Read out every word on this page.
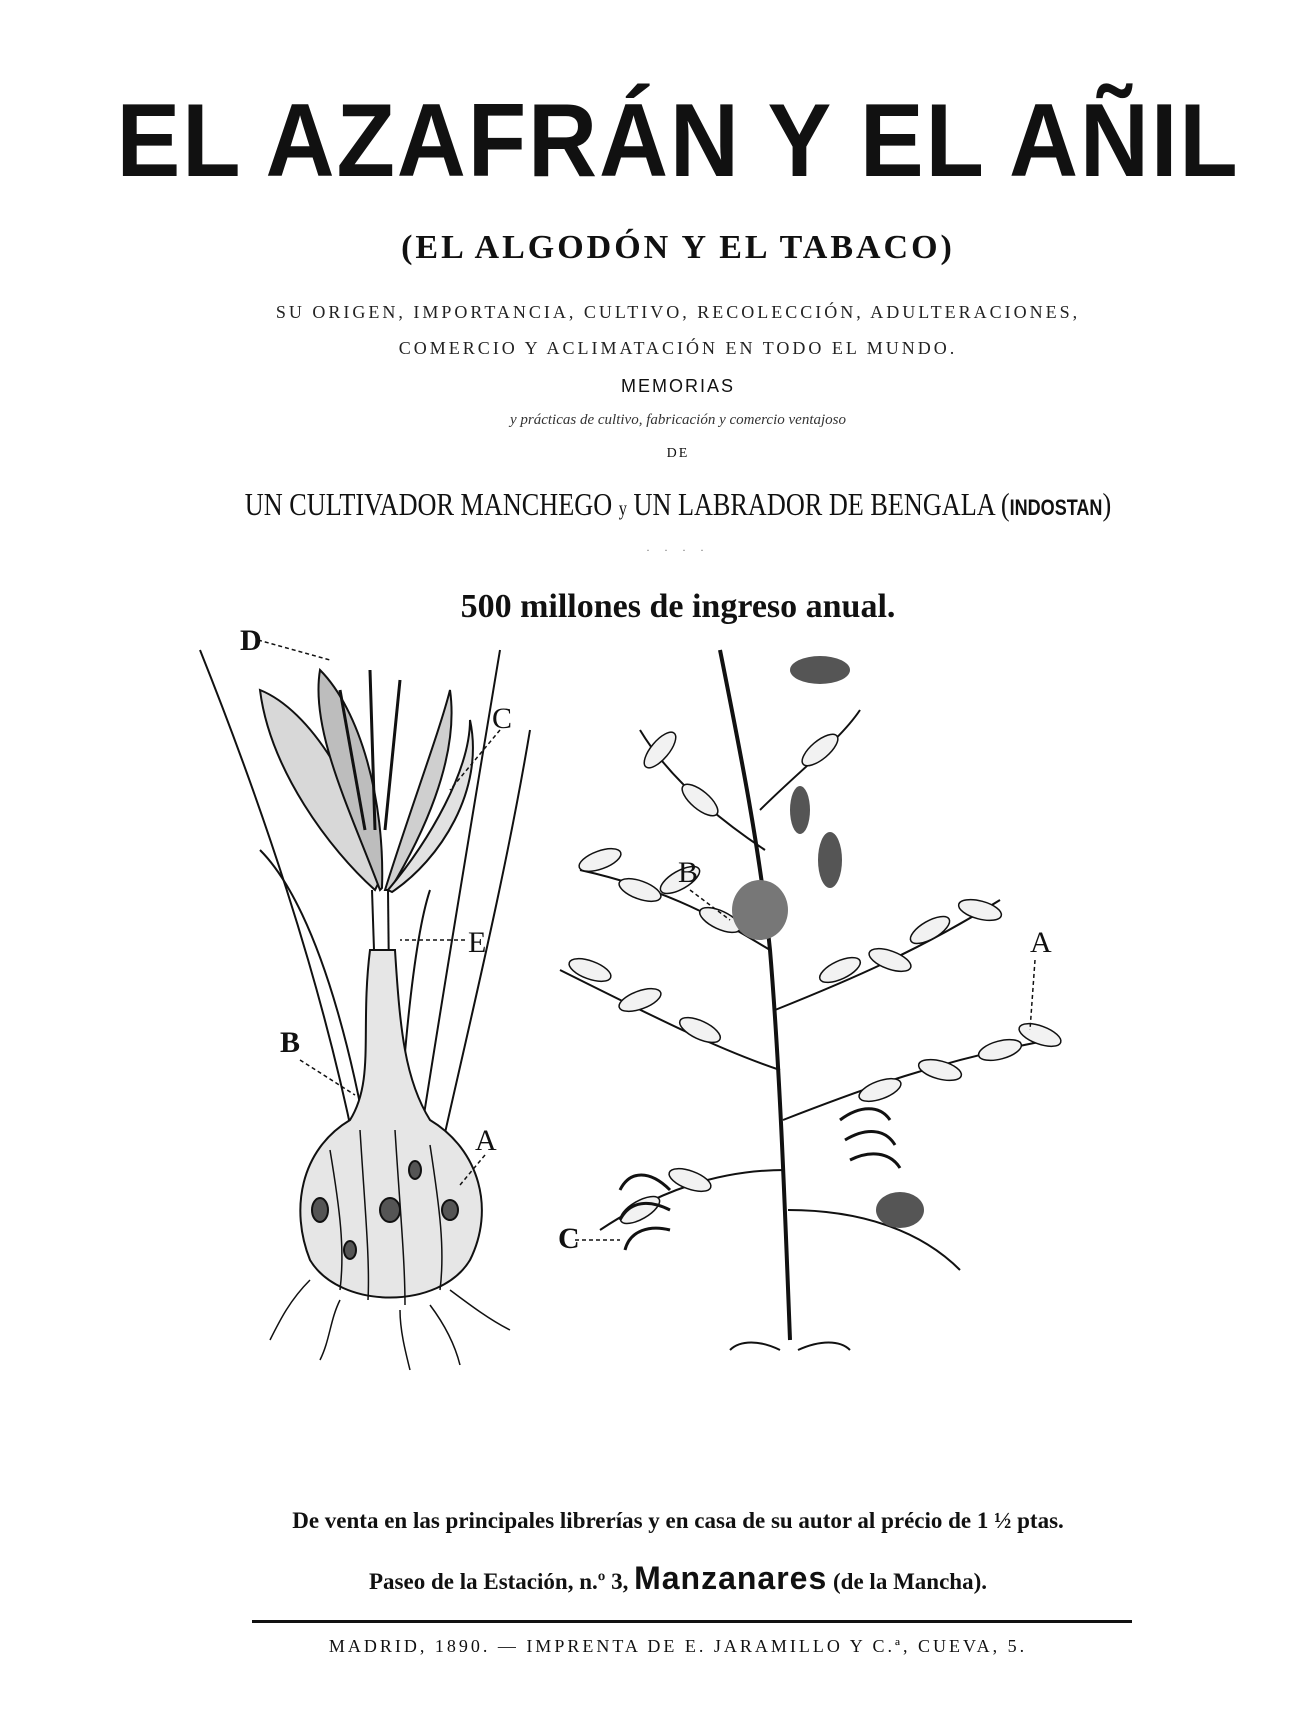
EL AZAFRÁN Y EL AÑIL
(EL ALGODÓN Y EL TABACO)
SU ORIGEN, IMPORTANCIA, CULTIVO, RECOLECCIÓN, ADULTERACIONES,
COMERCIO Y ACLIMATACIÓN EN TODO EL MUNDO.
MEMORIAS
y prácticas de cultivo, fabricación y comercio ventajoso
DE
UN CULTIVADOR MANCHEGO y UN LABRADOR DE BENGALA (INDOSTAN)
. . . .
500 millones de ingreso anual.
D
C
E
B
A
B
A
C
De venta en las principales librerías y en casa de su autor al précio de 1 ½ ptas.
Paseo de la Estación, n.º 3, Manzanares (de la Mancha).
MADRID, 1890. — IMPRENTA DE E. JARAMILLO Y C.ª, CUEVA, 5.
